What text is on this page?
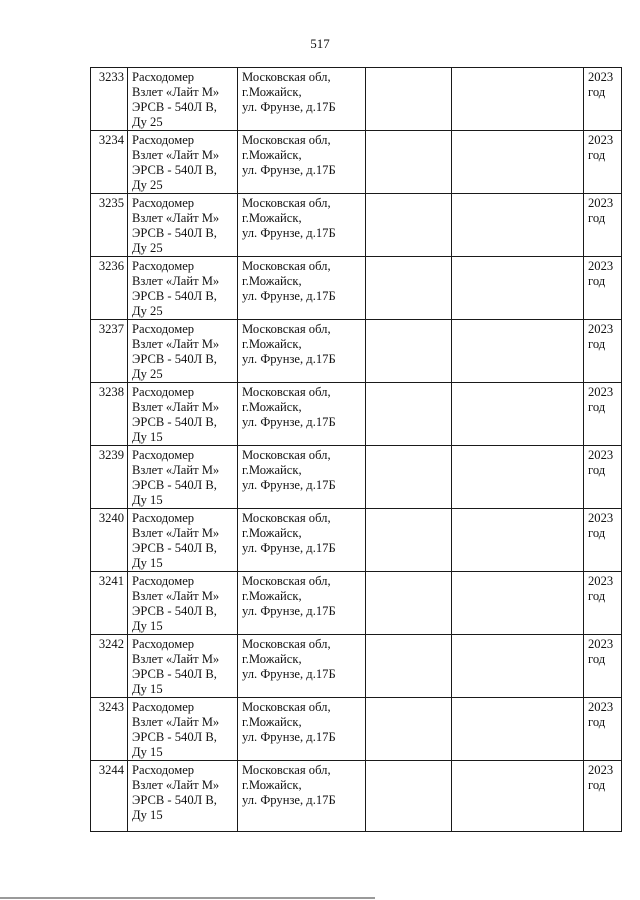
517
3233	Расходомер
Взлет «Лайт М»
ЭРСВ - 540Л В,
Ду 25	Московская обл,
г.Можайск,
ул. Фрунзе, д.17Б			2023
год

3234	Расходомер
Взлет «Лайт М»
ЭРСВ - 540Л В,
Ду 25	Московская обл,
г.Можайск,
ул. Фрунзе, д.17Б			2023
год

3235	Расходомер
Взлет «Лайт М»
ЭРСВ - 540Л В,
Ду 25	Московская обл,
г.Можайск,
ул. Фрунзе, д.17Б			2023
год

3236	Расходомер
Взлет «Лайт М»
ЭРСВ - 540Л В,
Ду 25	Московская обл,
г.Можайск,
ул. Фрунзе, д.17Б			2023
год

3237	Расходомер
Взлет «Лайт М»
ЭРСВ - 540Л В,
Ду 25	Московская обл,
г.Можайск,
ул. Фрунзе, д.17Б			2023
год

3238	Расходомер
Взлет «Лайт М»
ЭРСВ - 540Л В,
Ду 15	Московская обл,
г.Можайск,
ул. Фрунзе, д.17Б			2023
год

3239	Расходомер
Взлет «Лайт М»
ЭРСВ - 540Л В,
Ду 15	Московская обл,
г.Можайск,
ул. Фрунзе, д.17Б			2023
год

3240	Расходомер
Взлет «Лайт М»
ЭРСВ - 540Л В,
Ду 15	Московская обл,
г.Можайск,
ул. Фрунзе, д.17Б			2023
год

3241	Расходомер
Взлет «Лайт М»
ЭРСВ - 540Л В,
Ду 15	Московская обл,
г.Можайск,
ул. Фрунзе, д.17Б			2023
год

3242	Расходомер
Взлет «Лайт М»
ЭРСВ - 540Л В,
Ду 15	Московская обл,
г.Можайск,
ул. Фрунзе, д.17Б			2023
год

3243	Расходомер
Взлет «Лайт М»
ЭРСВ - 540Л В,
Ду 15	Московская обл,
г.Можайск,
ул. Фрунзе, д.17Б			2023
год

3244	Расходомер
Взлет «Лайт М»
ЭРСВ - 540Л В,
Ду 15	Московская обл,
г.Можайск,
ул. Фрунзе, д.17Б			2023
год
